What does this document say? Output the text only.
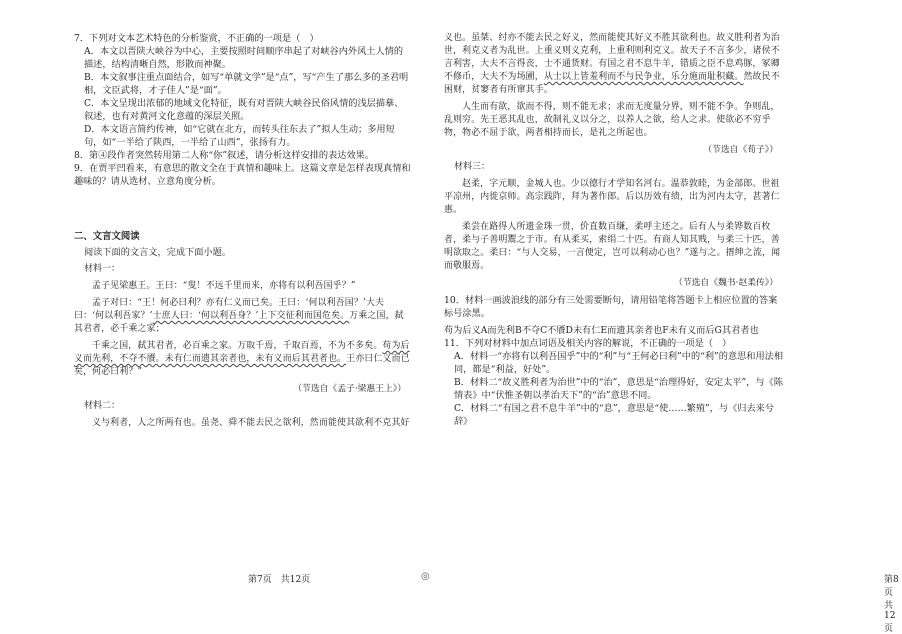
7．下列对文本艺术特色的分析鉴赏，不正确的一项是（　）

A．本文以晋陕大峡谷为中心，主要按照时间顺序串起了对峡谷内外风土人情的描述，结构清晰自然，形散而神聚。

B．本文叙事注重点面结合，如写“单就文学”是“点”，写“产生了那么多的圣君明相，文臣武将，才子佳人”是“面”。

C．本文呈现出浓郁的地域文化特征，既有对晋陕大峡谷民俗风情的浅层描摹、叙述，也有对黄河文化意蕴的深层关照。

D．本文语言简约传神，如“它就在北方，而转头往东去了”拟人生动；多用短句，如“一半给了陕西，一半给了山西”，张扬有力。

8．第④段作者突然转用第二人称“你”叙述，请分析这样安排的表达效果。

9．在贾平凹看来，有意思的散文全在于真情和趣味上。这篇文章是怎样表现真情和趣味的？请从选材、立意角度分析。

二、文言文阅读

阅读下面的文言文，完成下面小题。

材料一：

孟子见梁惠王。王曰：“叟！不远千里而来，亦将有以利吾国乎？”

孟子对曰：“王！何必曰利？亦有仁义而已矣。王曰：‘何以利吾国？’大夫曰：‘何以利吾家？’士庶人曰：‘何以利吾身？’上下交征利而国危矣。万乘之国，弑其君者，必千乘之家；

千乘之国，弑其君者，必百乘之家。万取千焉，千取百焉，不为不多矣。苟为后义而先利，不夺不餍。未有仁而遗其亲者也，未有义而后其君者也。王亦曰仁义而已矣，何必曰利？”

（节选自《孟子·梁惠王上》）

材料二：

义与利者，人之所两有也。虽尧、舜不能去民之欲利，然而能使其欲利不克其好

第7页　共12页	◎

义也。虽桀、纣亦不能去民之好义，然而能使其好义不胜其欲利也。故义胜利者为治世，利克义者为乱世。上重义则义克利，上重利则利克义。故天子不言多少，诸侯不言利害，大夫不言得丧，士不通货财。有国之君不息牛羊，错质之臣不息鸡豚，冢卿不修币，大夫不为场圃，从士以上皆羞利而不与民争业，乐分施而耻积藏。然故民不困财，贫窭者有所窜其手。

人生而有欲，欲而不得，则不能无求；求而无度量分界，则不能不争。争则乱，乱则穷。先王恶其乱也，故制礼义以分之，以养人之欲，给人之求。使欲必不穷乎物，物必不屈于欲，两者相持而长，是礼之所起也。

（节选自《荀子》）

材料三：

赵柔，字元顺，金城人也。少以德行才学知名河右。温恭敦睦，为金部郎。世祖平凉州，内徙京师。高宗践阼，拜为著作郎。后以历效有绩，出为河内太守，甚著仁惠。

柔尝在路得人所遗金珠一贯，价直数百缣，柔呼主还之。后有人与柔铧数百枚者，柔与子善明鬻之于市。有从柔买，索绢二十匹。有商人知其贱，与柔三十匹，善明欲取之。柔曰：“与人交易，一言便定，岂可以利动心也？”遂与之。搢绅之流，闻而敬服焉。

（节选自《魏书·赵柔传》）

10．材料一画波浪线的部分有三处需要断句，请用铅笔将答题卡上相应位置的答案标号涂黑。

苟为后义A而先利B不夺C不餍D未有仁E而遗其亲者也F未有义而后G其君者也

11．下列对材料中加点词语及相关内容的解说，不正确的一项是（　）

A．材料一“亦将有以利吾国乎”中的“利”与“王何必曰利”中的“利”的意思和用法相同，都是“利益，好处”。

B．材料二“故义胜利者为治世”中的“治”，意思是“治理得好，安定太平”，与《陈情表》中“伏惟圣朝以孝治天下”的“治”意思不同。

C．材料二“有国之君不息牛羊”中的“息”，意思是“使……繁殖”，与《归去来兮辞》

第8页　共12页
